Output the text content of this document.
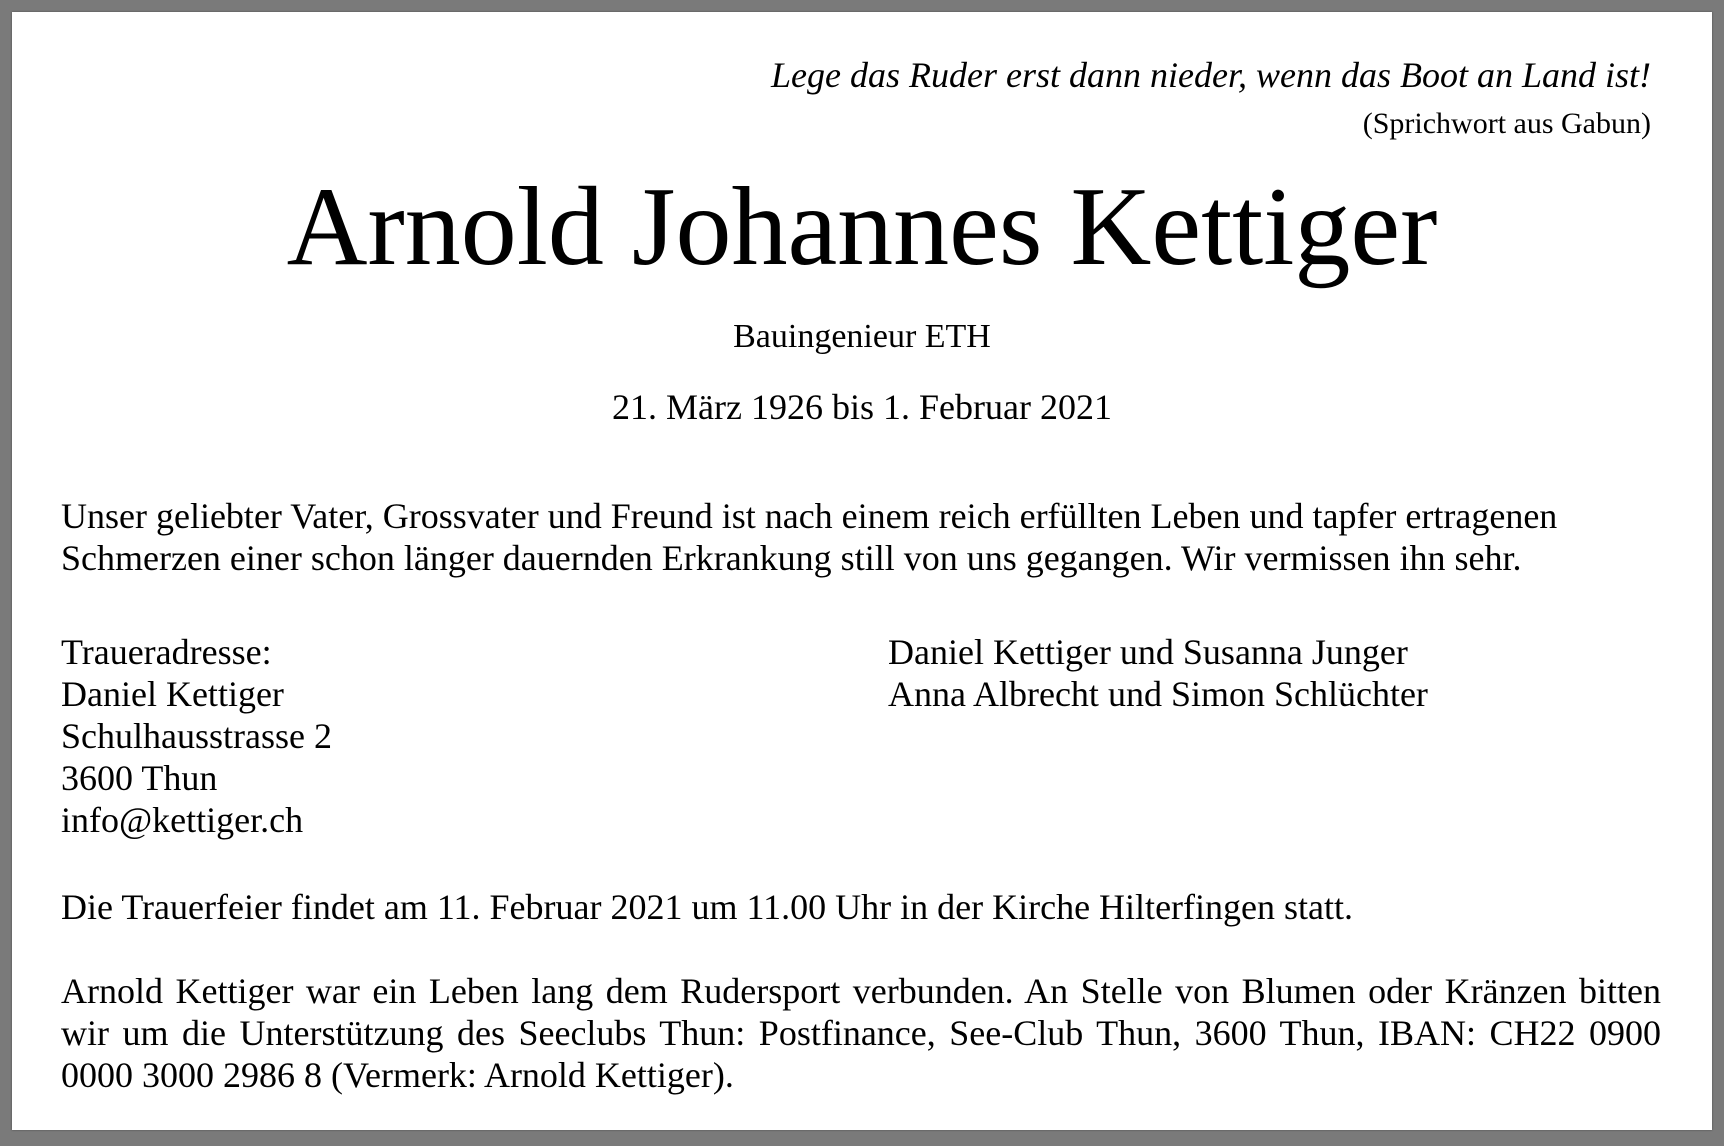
Lege das Ruder erst dann nieder, wenn das Boot an Land ist!

(Sprichwort aus Gabun)

Arnold Johannes Kettiger

Bauingenieur ETH

21. März 1926 bis 1. Februar 2021

Unser geliebter Vater, Grossvater und Freund ist nach einem reich erfüllten Leben und tapfer ertragenen
Schmerzen einer schon länger dauernden Erkrankung still von uns gegangen. Wir vermissen ihn sehr.

Traueradresse:
Daniel Kettiger
Schulhausstrasse 2
3600 Thun
info@kettiger.ch
Daniel Kettiger und Susanna Junger
Anna Albrecht und Simon Schlüchter

Die Trauerfeier findet am 11. Februar 2021 um 11.00 Uhr in der Kirche Hilterfingen statt.

Arnold Kettiger war ein Leben lang dem Rudersport verbunden. An Stelle von Blumen oder Kränzen bitten wir um die Unterstützung des Seeclubs Thun: Postfinance, See-Club Thun, 3600 Thun, IBAN: CH22 0900 0000 3000 2986 8 (Vermerk: Arnold Kettiger).
